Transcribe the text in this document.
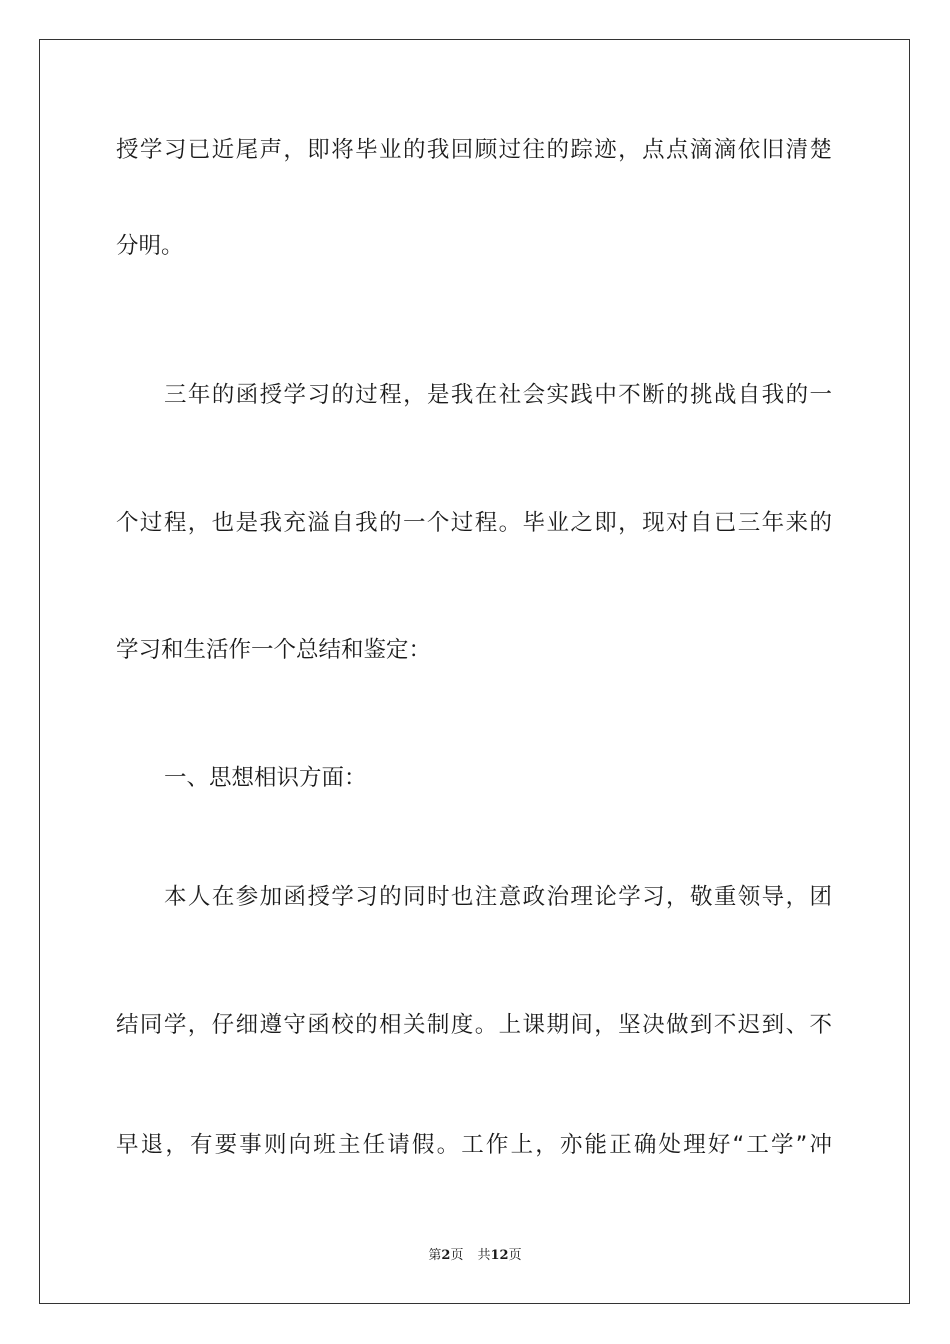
授学习已近尾声，即将毕业的我回顾过往的踪迹，点点滴滴依旧清楚
分明。
三年的函授学习的过程，是我在社会实践中不断的挑战自我的一
个过程，也是我充溢自我的一个过程。毕业之即，现对自已三年来的
学习和生活作一个总结和鉴定：
一、思想相识方面：
本人在参加函授学习的同时也注意政治理论学习，敬重领导，团
结同学，仔细遵守函校的相关制度。上课期间，坚决做到不迟到、不
早退，有要事则向班主任请假。工作上，亦能正确处理好“工学”冲
第2页 共12页
